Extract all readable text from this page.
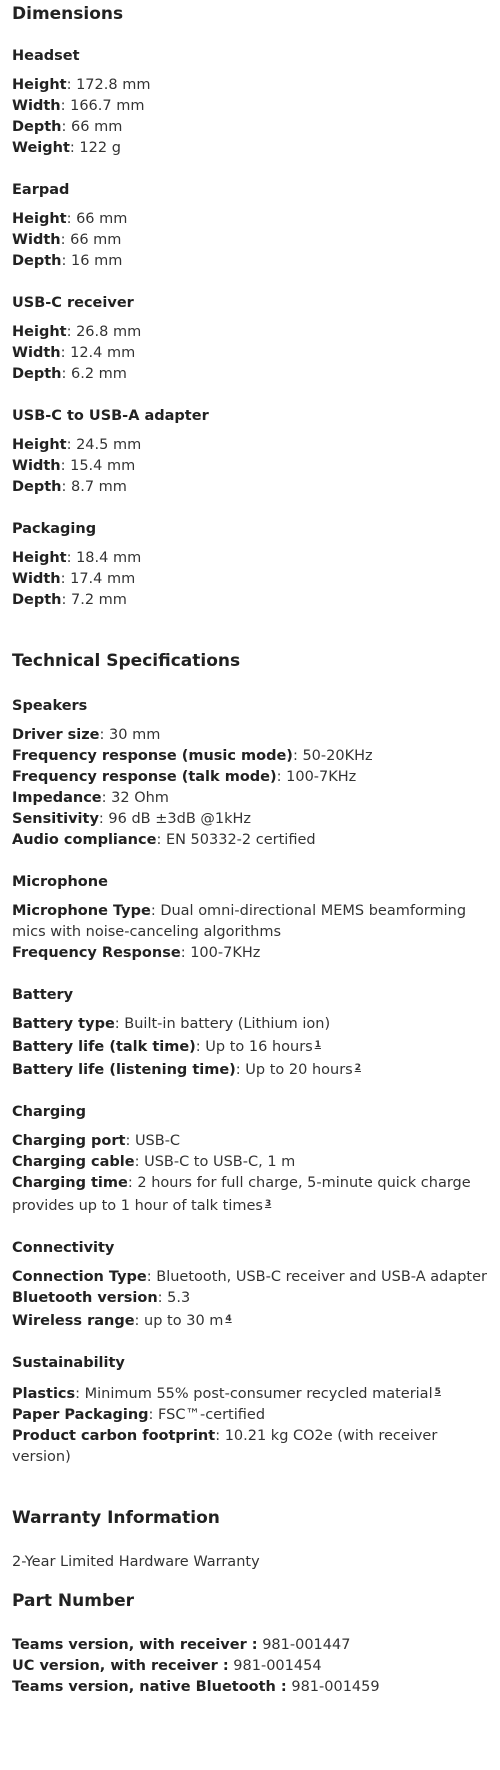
Dimensions
Headset

Height: 172.8 mm

Width: 166.7 mm

Depth: 66 mm

Weight: 122 g

Earpad

Height: 66 mm

Width: 66 mm

Depth: 16 mm

USB-C receiver

Height: 26.8 mm

Width: 12.4 mm

Depth: 6.2 mm

USB-C to USB-A adapter

Height: 24.5 mm

Width: 15.4 mm

Depth: 8.7 mm

Packaging

Height: 18.4 mm

Width: 17.4 mm

Depth: 7.2 mm

Technical Specifications
Speakers

Driver size: 30 mm

Frequency response (music mode): 50-20KHz

Frequency response (talk mode): 100-7KHz

Impedance: 32 Ohm

Sensitivity: 96 dB ±3dB @1kHz

Audio compliance: EN 50332-2 certified

Microphone

Microphone Type: Dual omni-directional MEMS beamforming mics with noise-canceling algorithms

Frequency Response: 100-7KHz

Battery

Battery type: Built-in battery (Lithium ion)

Battery life (talk time): Up to 16 hours $^1$

Battery life (listening time): Up to 20 hours $^2$

Charging

Charging port: USB-C

Charging cable: USB-C to USB-C, 1 m

Charging time: 2 hours for full charge, 5-minute quick charge provides up to 1 hour of talk times $^3$

Connectivity

Connection Type: Bluetooth, USB-C receiver and USB-A adapter

Bluetooth version: 5.3

Wireless range: up to 30 m $^4$

Sustainability

Plastics: Minimum 55% post-consumer recycled material $^5$

Paper Packaging: FSC™-certified

Product carbon footprint: 10.21 kg CO2e (with receiver version)

Warranty Information

2-Year Limited Hardware Warranty

Part Number

Teams version, with receiver : 981-001447

UC version, with receiver : 981-001454

Teams version, native Bluetooth : 981-001459
